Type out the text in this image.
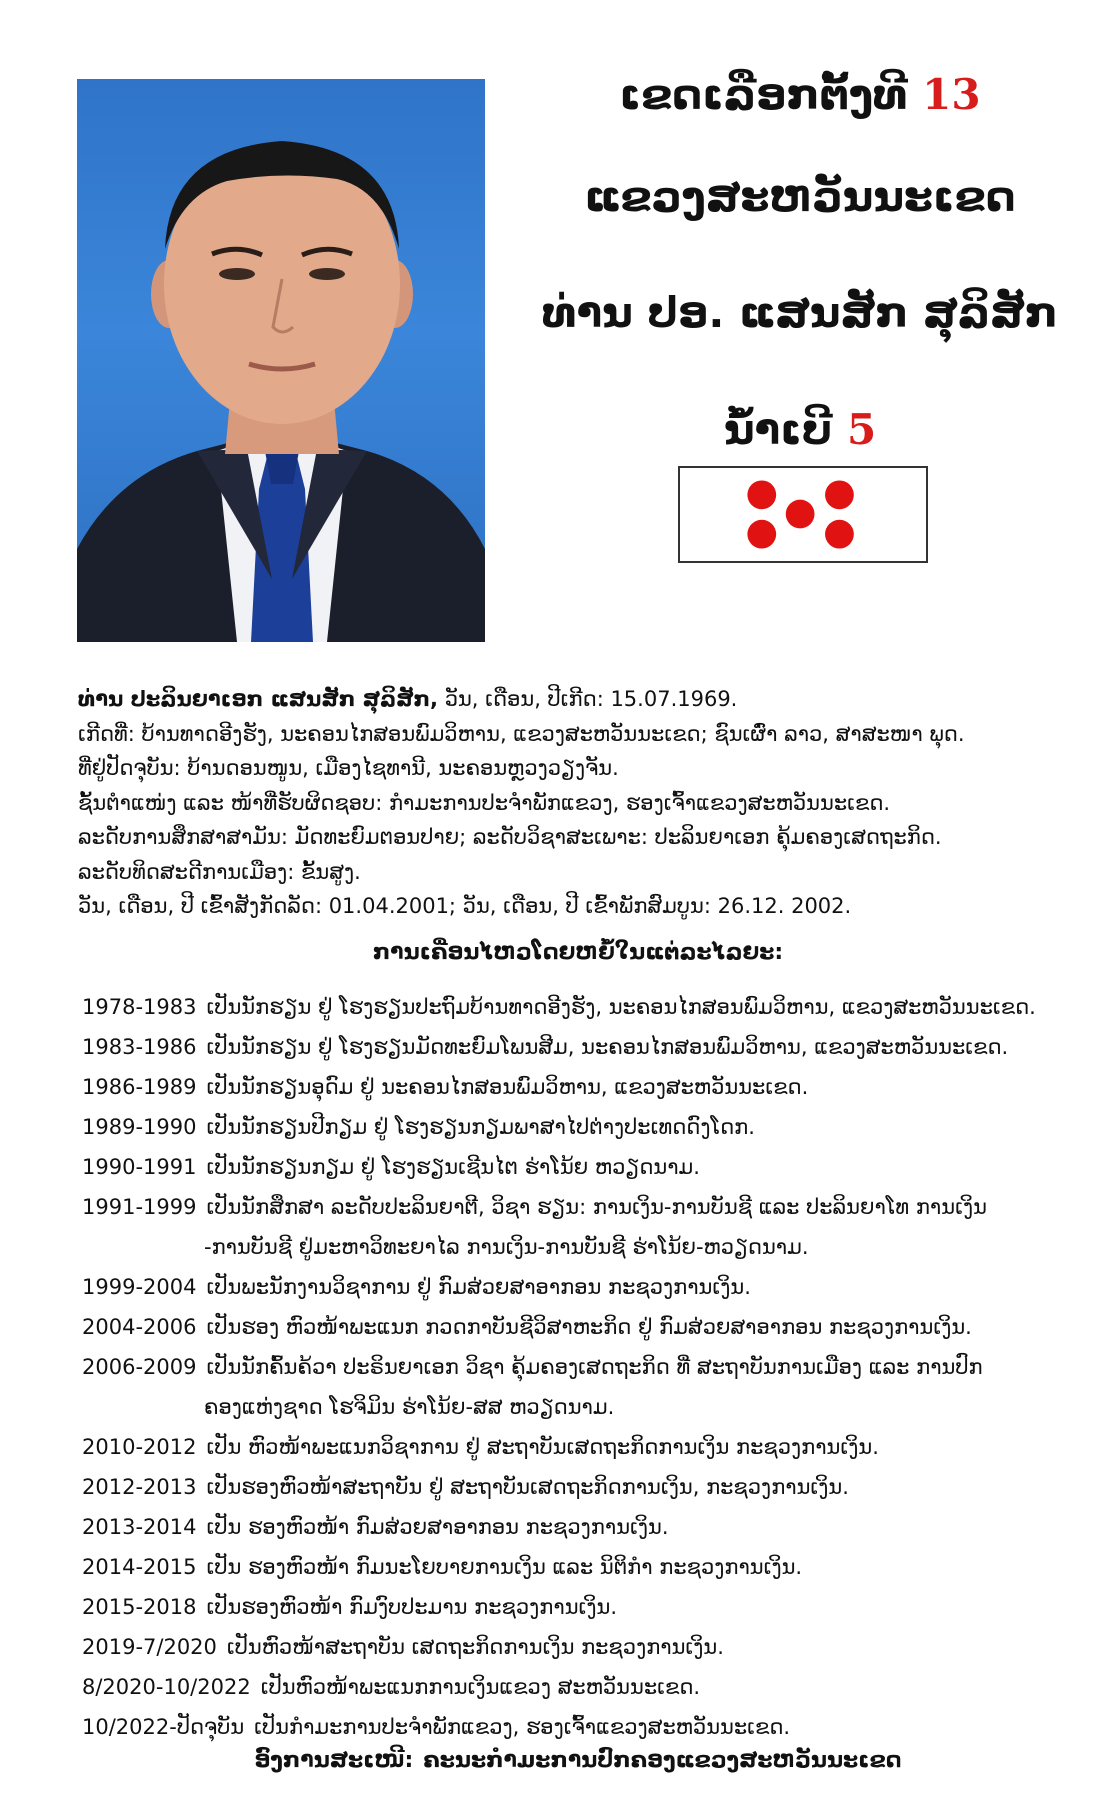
ເຂດເລືອກຕັ້ງທີ 13
ແຂວງສະຫວັນນະເຂດ
ທ່ານ ປອ. ແສນສັກ ສຸລິສັກ
ນ້ຳເບີ 5
ທ່ານ ປະລິນຍາເອກ ແສນສັກ ສຸລິສັກ, ວັນ, ເດືອນ, ປີເກີດ: 15.07.1969.
ເກີດທີ່: ບ້ານທາດອີງຮັງ, ນະຄອນໄກສອນພົມວິຫານ, ແຂວງສະຫວັນນະເຂດ; ຊົນເຜົ່າ ລາວ, ສາສະໜາ ພຸດ.
ທີ່ຢູ່ປັດຈຸບັນ: ບ້ານດອນໜູນ, ເມືອງໄຊທານີ, ນະຄອນຫຼວງວຽງຈັນ.
ຊັ້ນຕຳແໜ່ງ ແລະ ໜ້າທີ່ຮັບຜິດຊອບ: ກຳມະການປະຈຳພັກແຂວງ, ຮອງເຈົ້າແຂວງສະຫວັນນະເຂດ.
ລະດັບການສຶກສາສາມັນ: ມັດທະຍົມຕອນປາຍ; ລະດັບວິຊາສະເພາະ: ປະລິນຍາເອກ ຄຸ້ມຄອງເສດຖະກິດ.
ລະດັບທິດສະດີການເມືອງ: ຂັ້ນສູງ.
ວັນ, ເດືອນ, ປີ ເຂົ້າສັງກັດລັດ: 01.04.2001; ວັນ, ເດືອນ, ປີ ເຂົ້າພັກສົມບູນ: 26.12. 2002.
ການເຄື່ອນໄຫວໂດຍຫຍໍ້ໃນແຕ່ລະໄລຍະ:
1978-1983 ເປັນນັກຮຽນ ຢູ່ ໂຮງຮຽນປະຖົມບ້ານທາດອີງຮັງ, ນະຄອນໄກສອນພົມວິຫານ, ແຂວງສະຫວັນນະເຂດ.
1983-1986 ເປັນນັກຮຽນ ຢູ່ ໂຮງຮຽນມັດທະຍົມໂພນສີມ, ນະຄອນໄກສອນພົມວິຫານ, ແຂວງສະຫວັນນະເຂດ.
1986-1989 ເປັນນັກຮຽນອຸດົມ ຢູ່ ນະຄອນໄກສອນພົມວິຫານ, ແຂວງສະຫວັນນະເຂດ.
1989-1990 ເປັນນັກຮຽນປີກຽມ ຢູ່ ໂຮງຮຽນກຽມພາສາໄປຕ່າງປະເທດດົງໂດກ.
1990-1991 ເປັນນັກຮຽນກຽມ ຢູ່ ໂຮງຮຽນເຊີນໄຕ ຮ່າໂນ້ຍ ຫວຽດນາມ.
1991-1999 ເປັນນັກສຶກສາ ລະດັບປະລິນຍາຕີ, ວິຊາ ຮຽນ: ການເງິນ-ການບັນຊີ ແລະ ປະລິນຍາໂທ ການເງິນ
-ການບັນຊີ ຢູ່ມະຫາວິທະຍາໄລ ການເງິນ-ການບັນຊີ ຮ່າໂນ້ຍ-ຫວຽດນາມ.
1999-2004 ເປັນພະນັກງານວິຊາການ ຢູ່ ກົມສ່ວຍສາອາກອນ ກະຊວງການເງິນ.
2004-2006 ເປັນຮອງ ຫົວໜ້າພະແນກ ກວດກາບັນຊີວິສາຫະກິດ ຢູ່ ກົມສ່ວຍສາອາກອນ ກະຊວງການເງິນ.
2006-2009 ເປັນນັກຄົ້ນຄ້ວາ ປະຣິນຍາເອກ ວິຊາ ຄຸ້ມຄອງເສດຖະກິດ ທີ່ ສະຖາບັນການເມືອງ ແລະ ການປົກ
ຄອງແຫ່ງຊາດ ໂຮຈິມິນ ຮ່າໂນ້ຍ-ສສ ຫວຽດນາມ.
2010-2012 ເປັນ ຫົວໜ້າພະແນກວິຊາການ ຢູ່ ສະຖາບັນເສດຖະກິດການເງິນ ກະຊວງການເງິນ.
2012-2013 ເປັນຮອງຫົວໜ້າສະຖາບັນ ຢູ່ ສະຖາບັນເສດຖະກິດການເງິນ, ກະຊວງການເງິນ.
2013-2014 ເປັນ ຮອງຫົວໜ້າ ກົມສ່ວຍສາອາກອນ ກະຊວງການເງິນ.
2014-2015 ເປັນ ຮອງຫົວໜ້າ ກົມນະໂຍບາຍການເງິນ ແລະ ນິຕິກຳ ກະຊວງການເງິນ.
2015-2018 ເປັນຮອງຫົວໜ້າ ກົມງົບປະມານ ກະຊວງການເງິນ.
2019-7/2020 ເປັນຫົວໜ້າສະຖາບັນ ເສດຖະກິດການເງິນ ກະຊວງການເງິນ.
8/2020-10/2022 ເປັນຫົວໜ້າພະແນກການເງິນແຂວງ ສະຫວັນນະເຂດ.
10/2022-ປັດຈຸບັນ ເປັນກຳມະການປະຈຳພັກແຂວງ, ຮອງເຈົ້າແຂວງສະຫວັນນະເຂດ.
ອົງການສະເໜີ: ຄະນະກຳມະການປົກຄອງແຂວງສະຫວັນນະເຂດ
